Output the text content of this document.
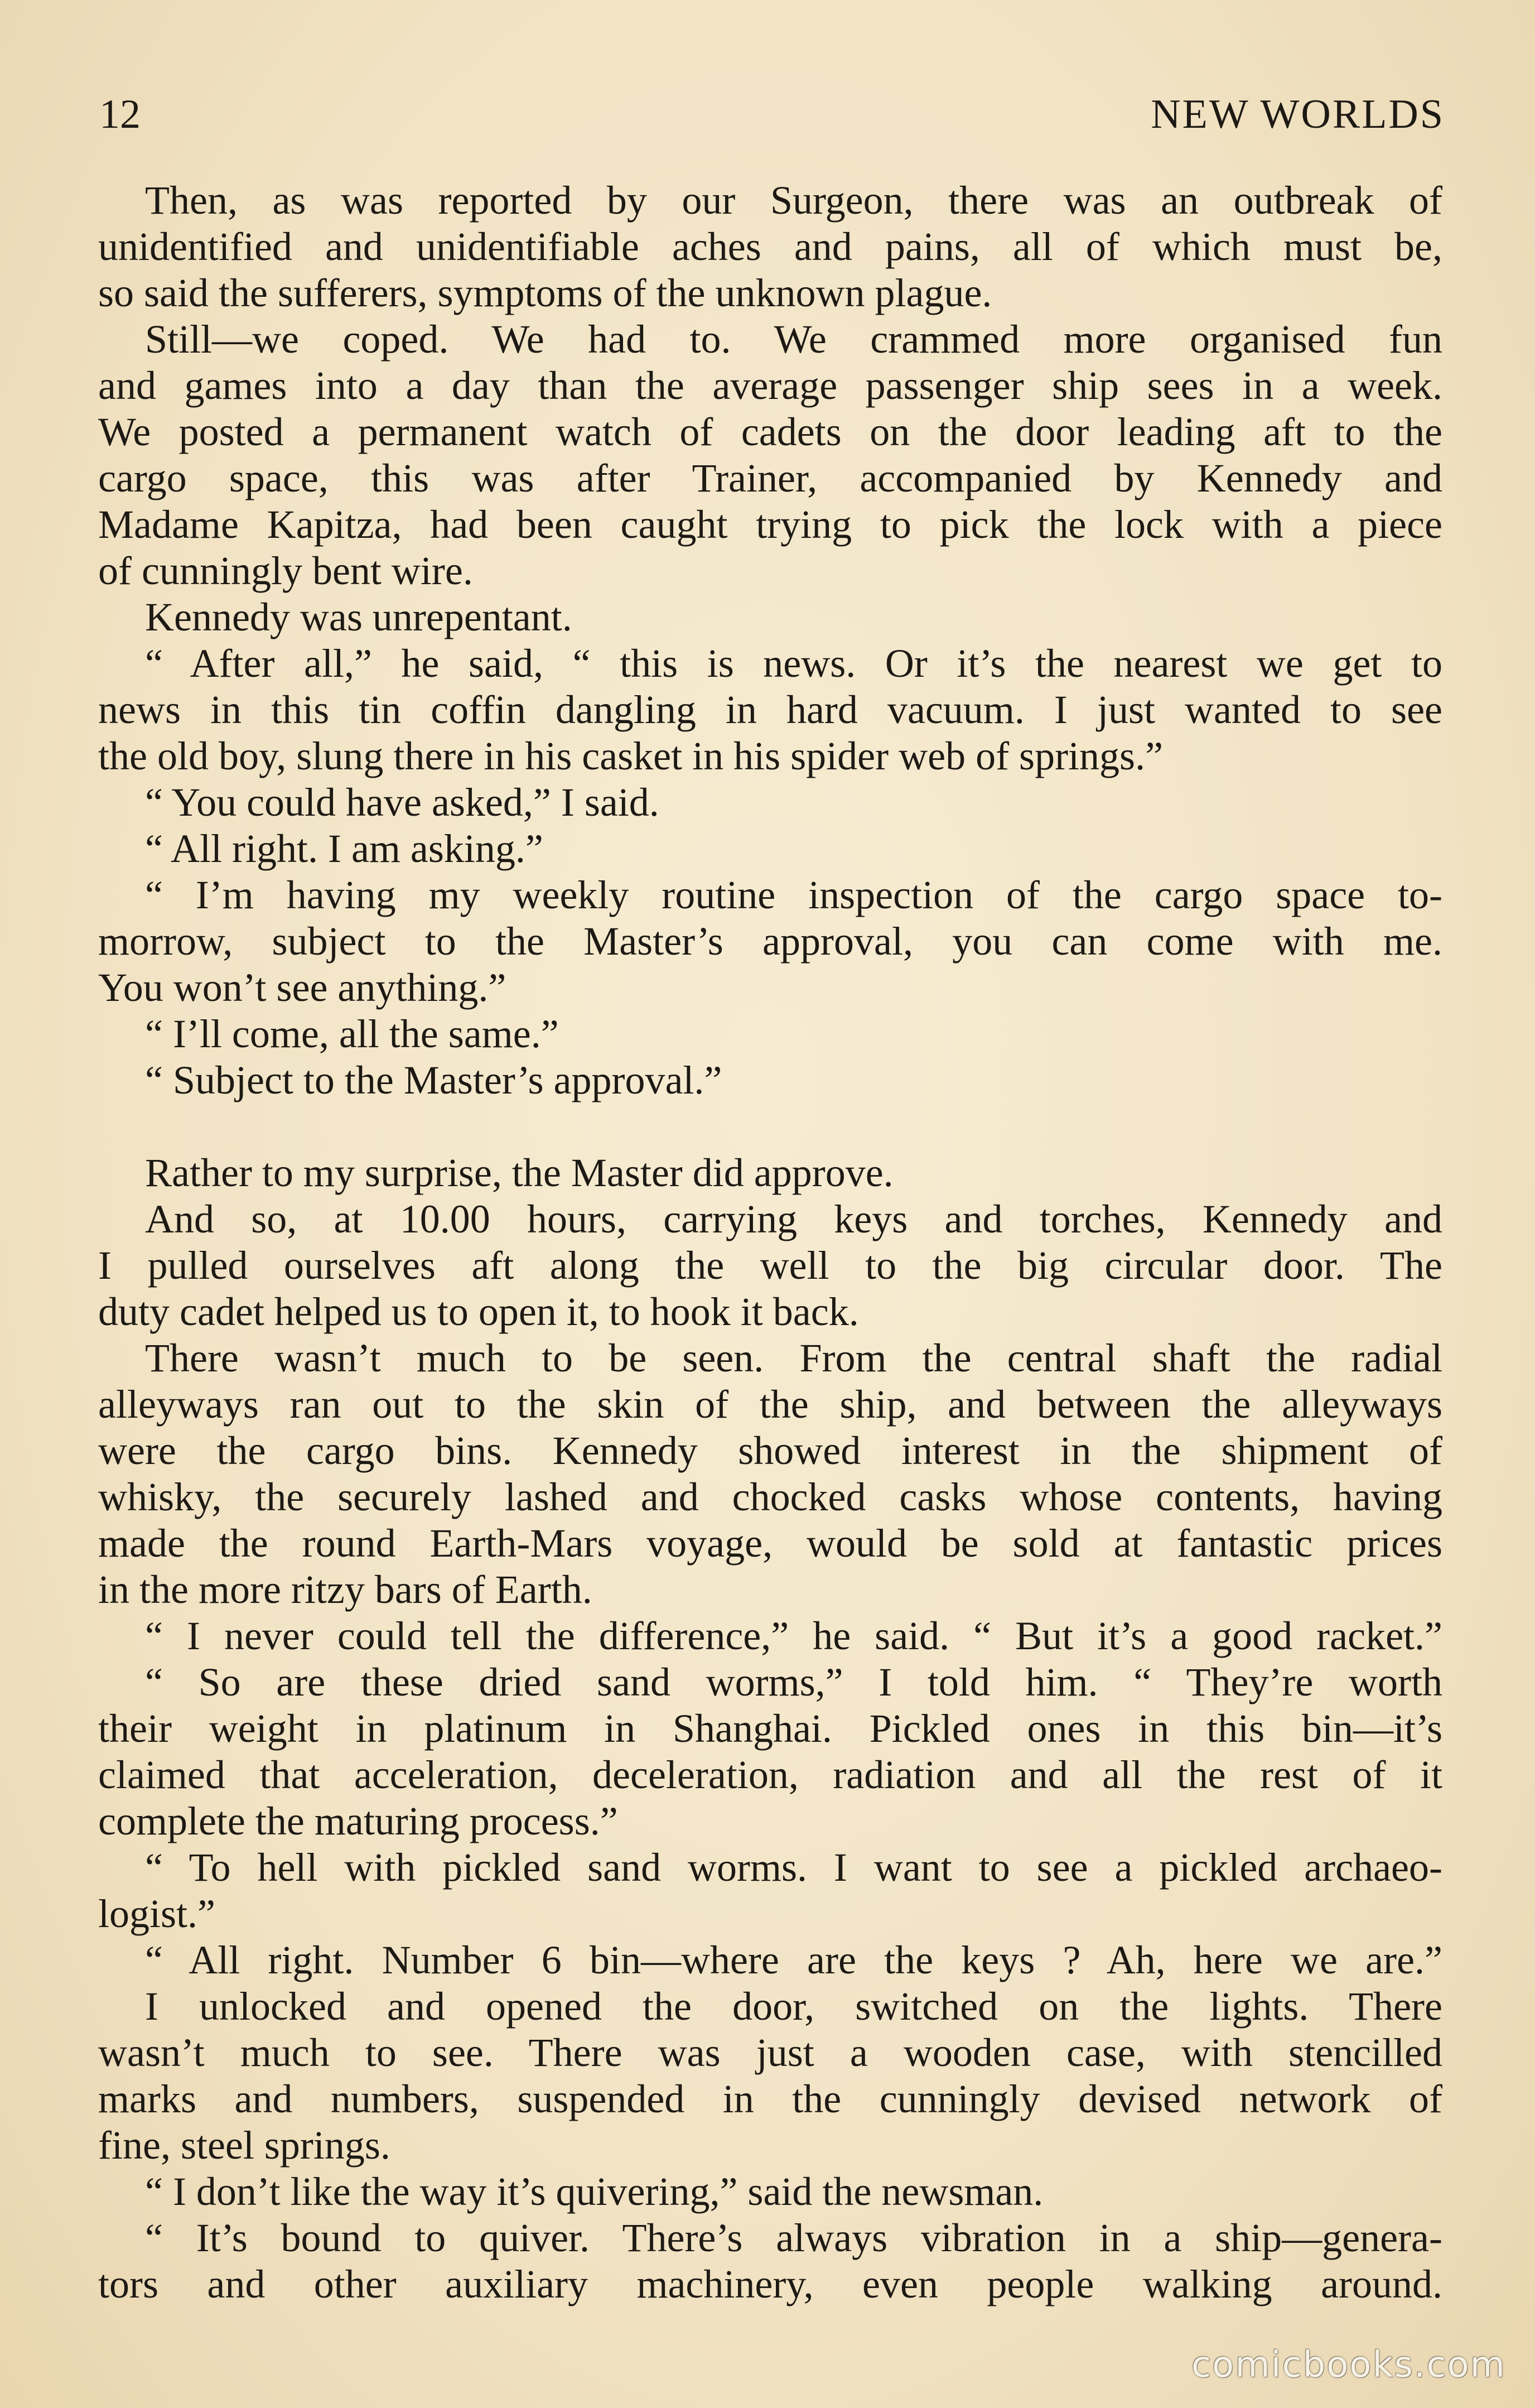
12	NEW WORLDS
Then, as was reported by our Surgeon, there was an outbreak of
unidentified and unidentifiable aches and pains, all of which must be,
so said the sufferers, symptoms of the unknown plague.
Still—we coped. We had to. We crammed more organised fun
and games into a day than the average passenger ship sees in a week.
We posted a permanent watch of cadets on the door leading aft to the
cargo space, this was after Trainer, accompanied by Kennedy and
Madame Kapitza, had been caught trying to pick the lock with a piece
of cunningly bent wire.
Kennedy was unrepentant.
“ After all,” he said, “ this is news. Or it’s the nearest we get to
news in this tin coffin dangling in hard vacuum. I just wanted to see
the old boy, slung there in his casket in his spider web of springs.”
“ You could have asked,” I said.
“ All right. I am asking.”
“ I’m having my weekly routine inspection of the cargo space to-
morrow, subject to the Master’s approval, you can come with me.
You won’t see anything.”
“ I’ll come, all the same.”
“ Subject to the Master’s approval.”
Rather to my surprise, the Master did approve.
And so, at 10.00 hours, carrying keys and torches, Kennedy and
I pulled ourselves aft along the well to the big circular door. The
duty cadet helped us to open it, to hook it back.
There wasn’t much to be seen. From the central shaft the radial
alleyways ran out to the skin of the ship, and between the alleyways
were the cargo bins. Kennedy showed interest in the shipment of
whisky, the securely lashed and chocked casks whose contents, having
made the round Earth-Mars voyage, would be sold at fantastic prices
in the more ritzy bars of Earth.
“ I never could tell the difference,” he said. “ But it’s a good racket.”
“ So are these dried sand worms,” I told him. “ They’re worth
their weight in platinum in Shanghai. Pickled ones in this bin—it’s
claimed that acceleration, deceleration, radiation and all the rest of it
complete the maturing process.”
“ To hell with pickled sand worms. I want to see a pickled archaeo-
logist.”
“ All right. Number 6 bin—where are the keys ? Ah, here we are.”
I unlocked and opened the door, switched on the lights. There
wasn’t much to see. There was just a wooden case, with stencilled
marks and numbers, suspended in the cunningly devised network of
fine, steel springs.
“ I don’t like the way it’s quivering,” said the newsman.
“ It’s bound to quiver. There’s always vibration in a ship—genera-
tors and other auxiliary machinery, even people walking around.
comicbooks.com
